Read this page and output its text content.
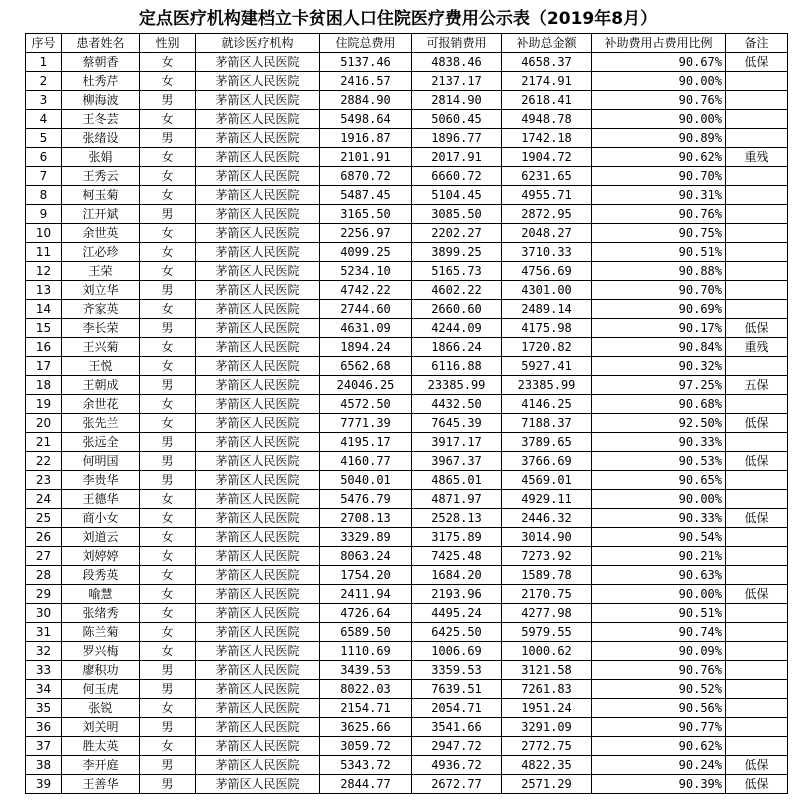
定点医疗机构建档立卡贫困人口住院医疗费用公示表（2019年8月）
序号	患者姓名	性别	就诊医疗机构	住院总费用	可报销费用	补助总金额	补助费用占费用比例	备注
1	蔡朝香	女	茅箭区人民医院	5137.46	4838.46	4658.37	90.67%	低保
2	杜秀芹	女	茅箭区人民医院	2416.57	2137.17	2174.91	90.00%	
3	柳海波	男	茅箭区人民医院	2884.90	2814.90	2618.41	90.76%	
4	王冬芸	女	茅箭区人民医院	5498.64	5060.45	4948.78	90.00%	
5	张绪设	男	茅箭区人民医院	1916.87	1896.77	1742.18	90.89%	
6	张娟	女	茅箭区人民医院	2101.91	2017.91	1904.72	90.62%	重残
7	王秀云	女	茅箭区人民医院	6870.72	6660.72	6231.65	90.70%	
8	柯玉菊	女	茅箭区人民医院	5487.45	5104.45	4955.71	90.31%	
9	江开斌	男	茅箭区人民医院	3165.50	3085.50	2872.95	90.76%	
10	余世英	女	茅箭区人民医院	2256.97	2202.27	2048.27	90.75%	
11	江必珍	女	茅箭区人民医院	4099.25	3899.25	3710.33	90.51%	
12	王荣	女	茅箭区人民医院	5234.10	5165.73	4756.69	90.88%	
13	刘立华	男	茅箭区人民医院	4742.22	4602.22	4301.00	90.70%	
14	齐家英	女	茅箭区人民医院	2744.60	2660.60	2489.14	90.69%	
15	李长荣	男	茅箭区人民医院	4631.09	4244.09	4175.98	90.17%	低保
16	王兴菊	女	茅箭区人民医院	1894.24	1866.24	1720.82	90.84%	重残
17	王悦	女	茅箭区人民医院	6562.68	6116.88	5927.41	90.32%	
18	王朝成	男	茅箭区人民医院	24046.25	23385.99	23385.99	97.25%	五保
19	余世花	女	茅箭区人民医院	4572.50	4432.50	4146.25	90.68%	
20	张先兰	女	茅箭区人民医院	7771.39	7645.39	7188.37	92.50%	低保
21	张远全	男	茅箭区人民医院	4195.17	3917.17	3789.65	90.33%	
22	何明国	男	茅箭区人民医院	4160.77	3967.37	3766.69	90.53%	低保
23	李贵华	男	茅箭区人民医院	5040.01	4865.01	4569.01	90.65%	
24	王德华	女	茅箭区人民医院	5476.79	4871.97	4929.11	90.00%	
25	商小女	女	茅箭区人民医院	2708.13	2528.13	2446.32	90.33%	低保
26	刘道云	女	茅箭区人民医院	3329.89	3175.89	3014.90	90.54%	
27	刘婷婷	女	茅箭区人民医院	8063.24	7425.48	7273.92	90.21%	
28	段秀英	女	茅箭区人民医院	1754.20	1684.20	1589.78	90.63%	
29	喻慧	女	茅箭区人民医院	2411.94	2193.96	2170.75	90.00%	低保
30	张绪秀	女	茅箭区人民医院	4726.64	4495.24	4277.98	90.51%	
31	陈兰菊	女	茅箭区人民医院	6589.50	6425.50	5979.55	90.74%	
32	罗兴梅	女	茅箭区人民医院	1110.69	1006.69	1000.62	90.09%	
33	廖积功	男	茅箭区人民医院	3439.53	3359.53	3121.58	90.76%	
34	何玉虎	男	茅箭区人民医院	8022.03	7639.51	7261.83	90.52%	
35	张锐	女	茅箭区人民医院	2154.71	2054.71	1951.24	90.56%	
36	刘关明	男	茅箭区人民医院	3625.66	3541.66	3291.09	90.77%	
37	胜太英	女	茅箭区人民医院	3059.72	2947.72	2772.75	90.62%	
38	李开庭	男	茅箭区人民医院	5343.72	4936.72	4822.35	90.24%	低保
39	王善华	男	茅箭区人民医院	2844.77	2672.77	2571.29	90.39%	低保
